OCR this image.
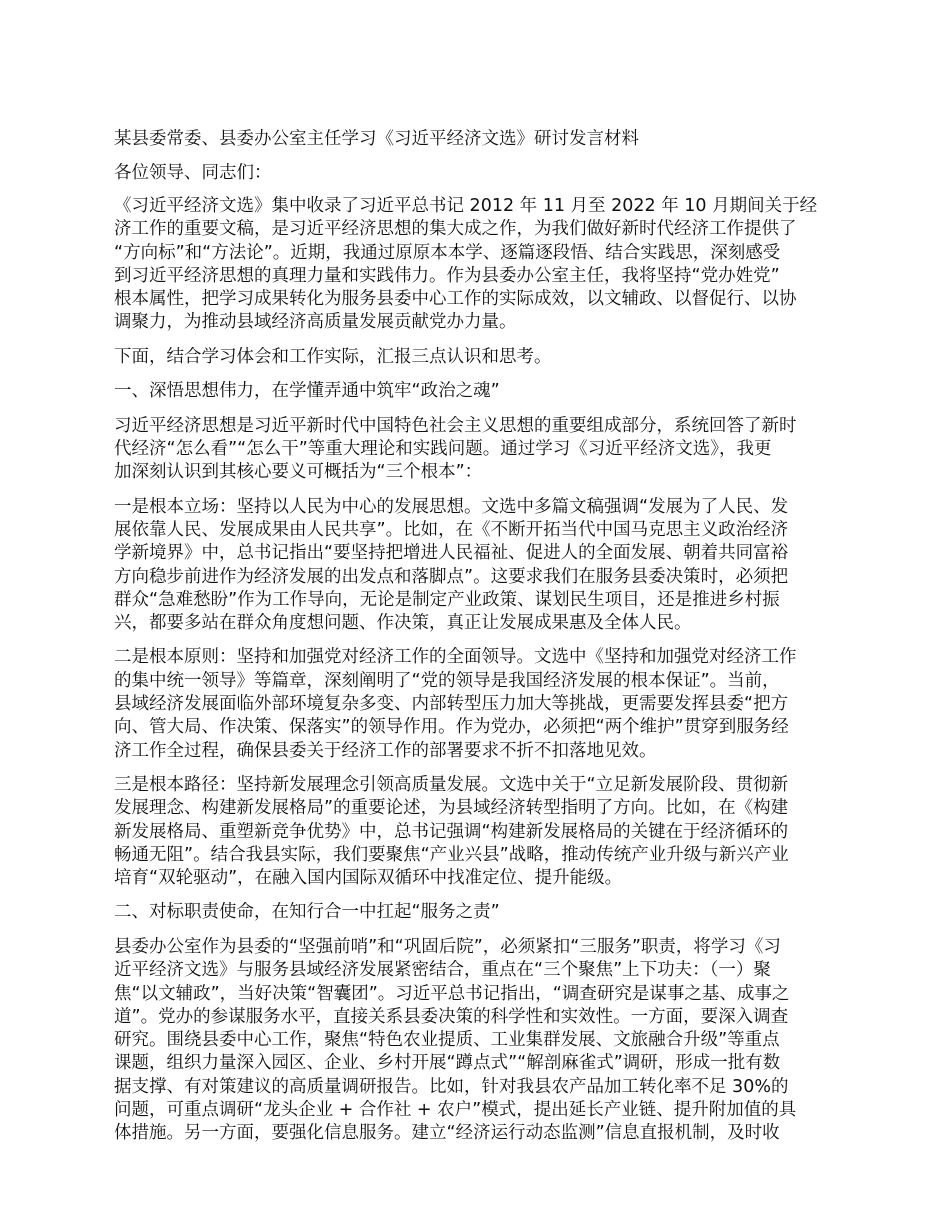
某县委常委、县委办公室主任学习《习近平经济文选》研讨发言材料

各位领导、同志们：

《习近平经济文选》集中收录了习近平总书记 2012 年 11 月至 2022 年 10 月期间关于经

济工作的重要文稿，是习近平经济思想的集大成之作，为我们做好新时代经济工作提供了

“方向标”和“方法论”。近期，我通过原原本本学、逐篇逐段悟、结合实践思，深刻感受

到习近平经济思想的真理力量和实践伟力。作为县委办公室主任，我将坚持“党办姓党”

根本属性，把学习成果转化为服务县委中心工作的实际成效，以文辅政、以督促行、以协

调聚力，为推动县域经济高质量发展贡献党办力量。

下面，结合学习体会和工作实际，汇报三点认识和思考。

一、深悟思想伟力，在学懂弄通中筑牢“政治之魂”

习近平经济思想是习近平新时代中国特色社会主义思想的重要组成部分，系统回答了新时

代经济“怎么看”“怎么干”等重大理论和实践问题。通过学习《习近平经济文选》，我更

加深刻认识到其核心要义可概括为“三个根本”：

一是根本立场：坚持以人民为中心的发展思想。文选中多篇文稿强调“发展为了人民、发

展依靠人民、发展成果由人民共享”。比如，在《不断开拓当代中国马克思主义政治经济

学新境界》中，总书记指出“要坚持把增进人民福祉、促进人的全面发展、朝着共同富裕

方向稳步前进作为经济发展的出发点和落脚点”。这要求我们在服务县委决策时，必须把

群众“急难愁盼”作为工作导向，无论是制定产业政策、谋划民生项目，还是推进乡村振

兴，都要多站在群众角度想问题、作决策，真正让发展成果惠及全体人民。

二是根本原则：坚持和加强党对经济工作的全面领导。文选中《坚持和加强党对经济工作

的集中统一领导》等篇章，深刻阐明了“党的领导是我国经济发展的根本保证”。当前，

县域经济发展面临外部环境复杂多变、内部转型压力加大等挑战，更需要发挥县委“把方

向、管大局、作决策、保落实”的领导作用。作为党办，必须把“两个维护”贯穿到服务经

济工作全过程，确保县委关于经济工作的部署要求不折不扣落地见效。

三是根本路径：坚持新发展理念引领高质量发展。文选中关于“立足新发展阶段、贯彻新

发展理念、构建新发展格局”的重要论述，为县域经济转型指明了方向。比如，在《构建

新发展格局、重塑新竞争优势》中，总书记强调“构建新发展格局的关键在于经济循环的

畅通无阻”。结合我县实际，我们要聚焦“产业兴县”战略，推动传统产业升级与新兴产业

培育“双轮驱动”，在融入国内国际双循环中找准定位、提升能级。

二、对标职责使命，在知行合一中扛起“服务之责”

县委办公室作为县委的“坚强前哨”和“巩固后院”，必须紧扣“三服务”职责，将学习《习

近平经济文选》与服务县域经济发展紧密结合，重点在“三个聚焦”上下功夫：（一）聚

焦“以文辅政”，当好决策“智囊团”。习近平总书记指出，“调查研究是谋事之基、成事之

道”。党办的参谋服务水平，直接关系县委决策的科学性和实效性。一方面，要深入调查

研究。围绕县委中心工作，聚焦“特色农业提质、工业集群发展、文旅融合升级”等重点

课题，组织力量深入园区、企业、乡村开展“蹲点式”“解剖麻雀式”调研，形成一批有数

据支撑、有对策建议的高质量调研报告。比如，针对我县农产品加工转化率不足 30%的

问题，可重点调研“龙头企业 + 合作社 + 农户”模式，提出延长产业链、提升附加值的具

体措施。另一方面，要强化信息服务。建立“经济运行动态监测”信息直报机制，及时收
